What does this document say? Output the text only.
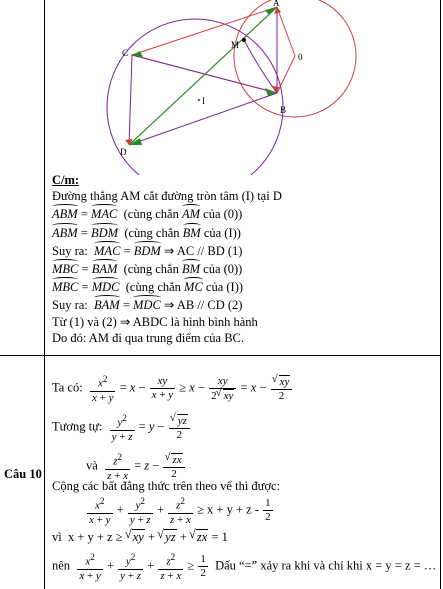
A
B
C
D
M
0
I
C/m:
Đường thẳng AM cắt đường tròn tâm (I) tại D
ABM = MAC (cùng chắn AM của (0))
ABM = BDM (cùng chắn BM của (I))
Suy ra: MAC = BDM ⇒ AC // BD (1)
MBC = BAM (cùng chắn BM của (0))
MBC = MDC (cùng chắn MC của (I))
Suy ra: BAM = MDC ⇒ AB // CD (2)
Từ (1) và (2) ⇒ ABDC là hình bình hành
Do đó: AM đi qua trung điểm của BC.
Câu 10
Ta có: $\frac{x^2}{x + y} = x - \frac{xy}{x + y} \ge x - \frac{xy}{2 √ xy} = x$ − √ $\frac{xy}{2}$
Tương tự: $\frac{y^2}{y + z} = y$ − √ $\frac{yz}{2}$
và $\frac{z^2}{z + x} = z$ − √ $\frac{zx}{2}$
Cộng các bất đẳng thức trên theo vế thì được:
$\frac{x^2}{x + y} + \frac{y^2}{y + z} + \frac{z^2}{z + x} \ge x + y + z - \frac{1}{2}$
vì x + y + z ≥ √ xy + √ yz + √ zx = 1
nên $\frac{x^2}{x + y} + \frac{y^2}{y + z} + \frac{z^2}{z + x} \ge \frac{1}{2}$ Dấu “=” xảy ra khi và chỉ khi x = y = z = …
